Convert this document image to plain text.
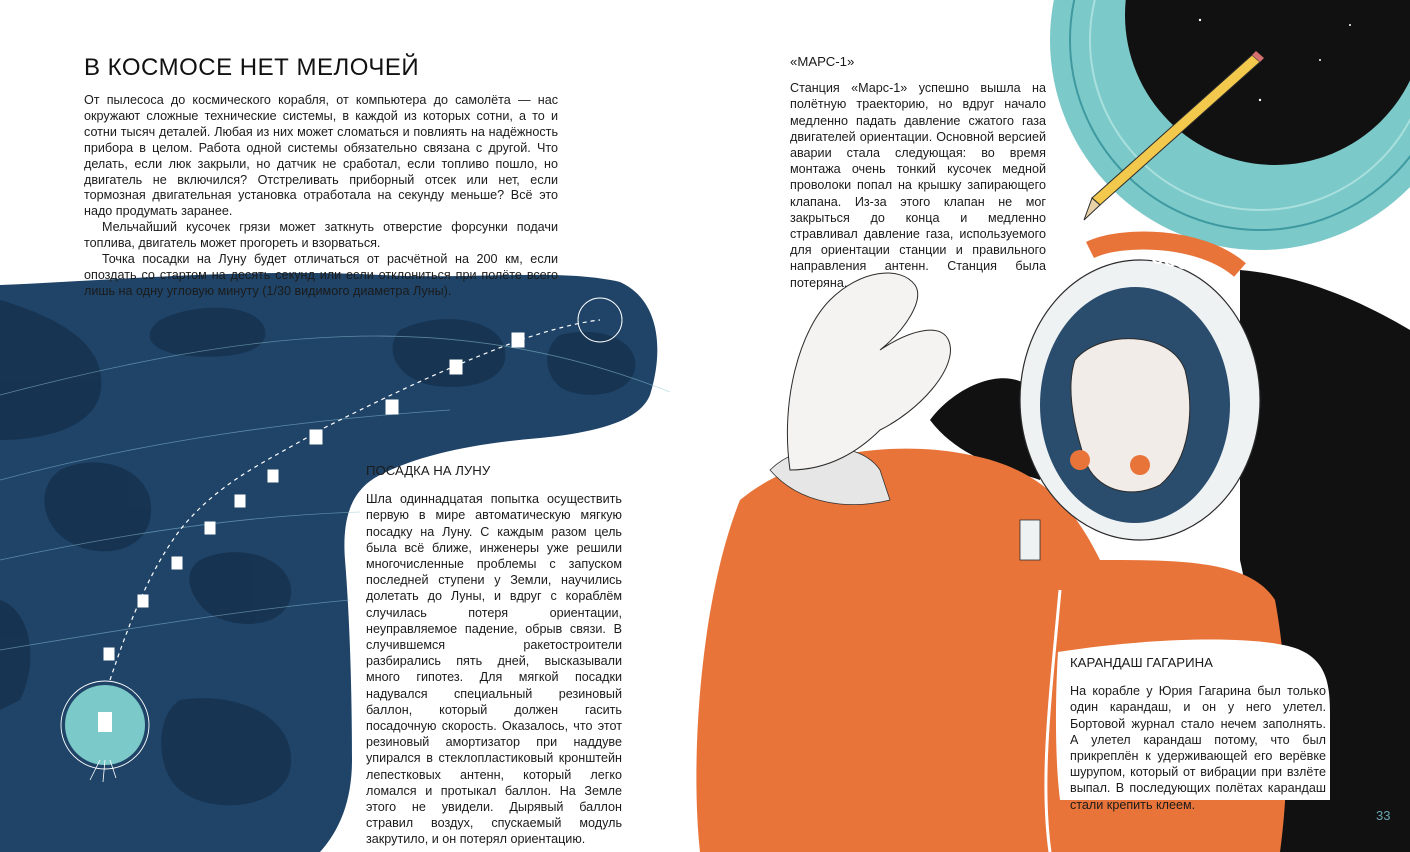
СССР
В КОСМОСЕ НЕТ МЕЛОЧЕЙ

От пылесоса до космического корабля, от компьютера до самолёта — нас окружают сложные технические системы, в каждой из которых сотни, а то и сотни тысяч деталей. Любая из них может сломаться и повлиять на надёжность прибора в целом. Работа одной системы обязательно связана с другой. Что делать, если люк закрыли, но датчик не сработал, если топливо пошло, но двигатель не включился? Отстреливать приборный отсек или нет, если тормозная двигательная установка отработала на секунду меньше? Всё это надо продумать заранее.

Мельчайший кусочек грязи может заткнуть отверстие форсунки подачи топлива, двигатель может прогореть и взорваться.

Точка посадки на Луну будет отличаться от расчётной на 200 км, если опоздать со стартом на десять секунд или если отклониться при полёте всего лишь на одну угловую минуту (1/30 видимого диаметра Луны).

ПОСАДКА НА ЛУНУ

Шла одиннадцатая попытка осуществить первую в мире автоматическую мягкую посадку на Луну. С каждым разом цель была всё ближе, инженеры уже решили многочисленные проблемы с запуском последней ступени у Земли, научились долетать до Луны, и вдруг с кораблём случилась потеря ориентации, неуправляемое падение, обрыв связи. В случившемся ракетостроители разбирались пять дней, высказывали много гипотез. Для мягкой посадки надувался специальный резиновый баллон, который должен гасить посадочную скорость. Оказалось, что этот резиновый амортизатор при наддуве упирался в стеклопластиковый кронштейн лепестковых антенн, который легко ломался и протыкал баллон. На Земле этого не увидели. Дырявый баллон стравил воздух, спускаемый модуль закрутило, и он потерял ориентацию.

«МАРС-1»

Станция «Марс-1» успешно вышла на полётную траекторию, но вдруг начало медленно падать давление сжатого газа двигателей ориентации. Основной версией аварии стала следующая: во время монтажа очень тонкий кусочек медной проволоки попал на крышку запирающего клапана. Из-за этого клапан не мог закрыться до конца и медленно стравливал давление газа, используемого для ориентации станции и правильного направления антенн. Станция была потеряна.

КАРАНДАШ ГАГАРИНА

На корабле у Юрия Гагарина был только один карандаш, и он у него улетел. Бортовой журнал стало нечем заполнять. А улетел карандаш потому, что был прикреплён к удерживающей его верёвке шурупом, который от вибрации при взлёте выпал. В последующих полётах карандаш стали крепить клеем.

33
